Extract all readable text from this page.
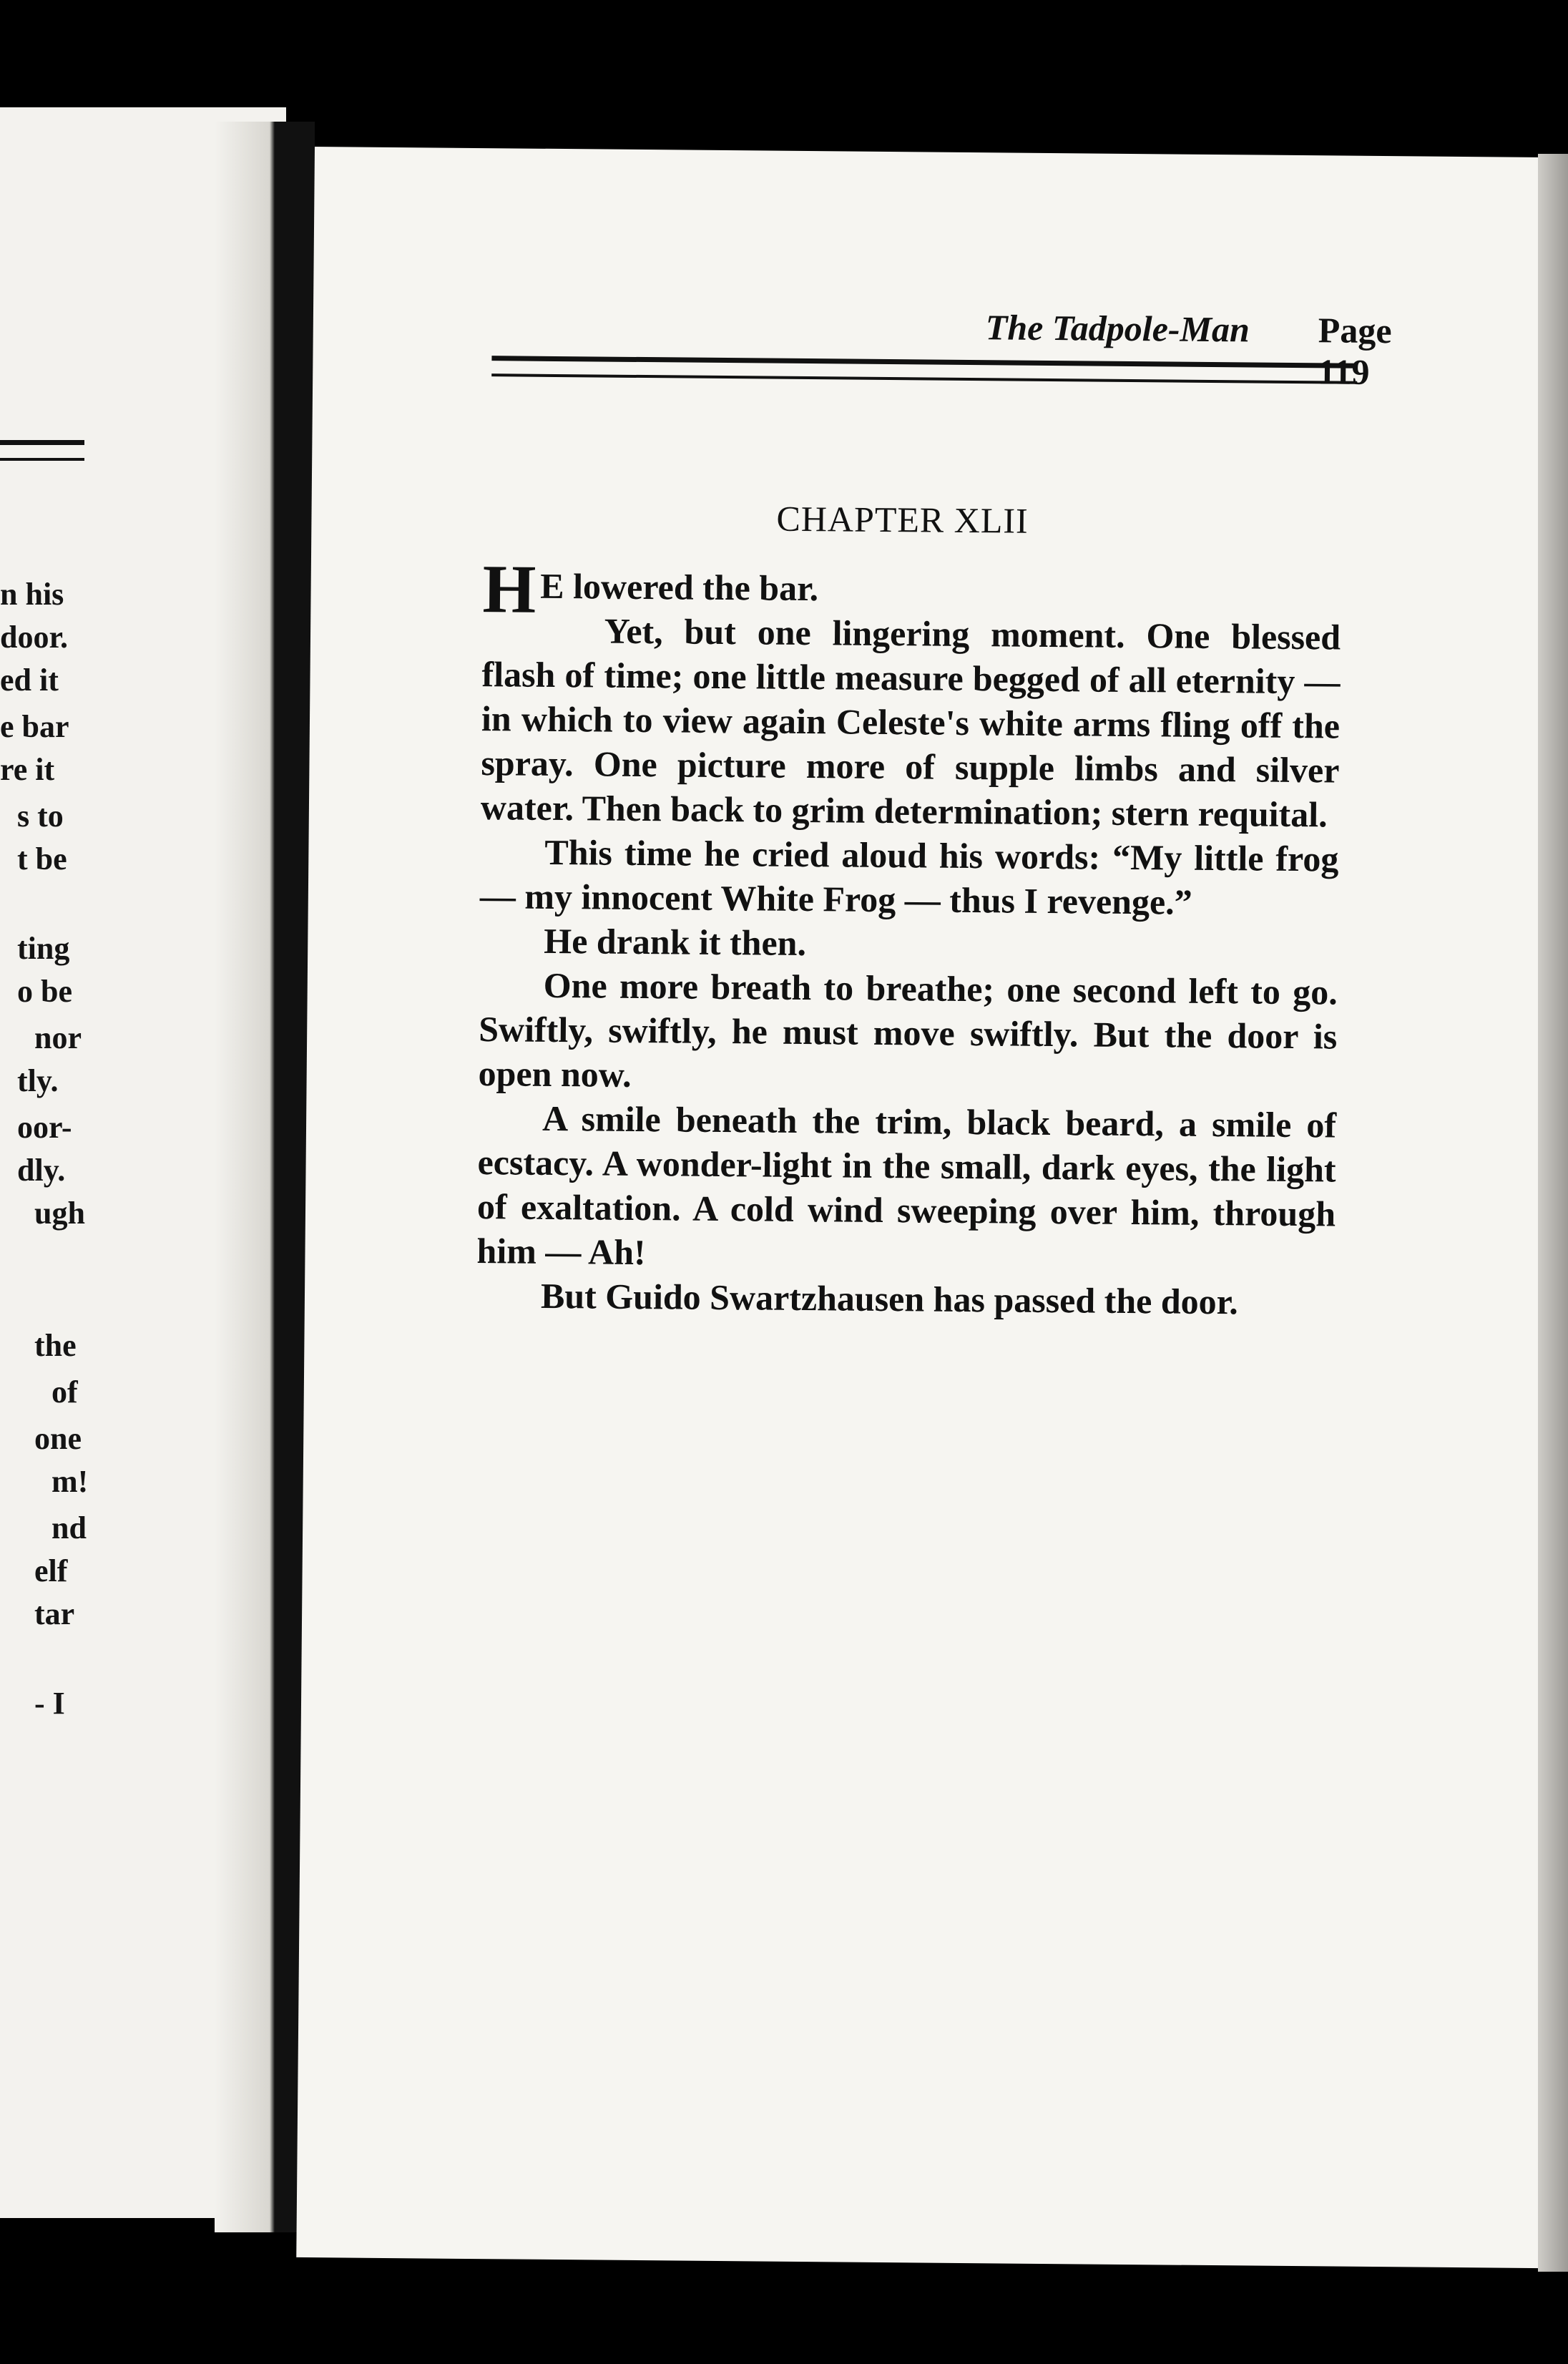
n his
door.
ed it
e bar
re it
s to
t be
ting
o be
nor
tly.
oor-
dly.
ugh
the
of
one
m!
nd
elf
tar
- I
The Tadpole-Man Page 119
CHAPTER XLII

H E lowered the bar.

Yet, but one lingering moment. One blessed flash of time; one little measure begged of all eternity — in which to view again Celeste's white arms fling off the spray. One picture more of supple limbs and silver water. Then back to grim determination; stern requital.

This time he cried aloud his words: “My little frog — my innocent White Frog — thus I revenge.”

He drank it then.

One more breath to breathe; one second left to go. Swiftly, swiftly, he must move swiftly. But the door is open now.

A smile beneath the trim, black beard, a smile of ecstacy. A wonder-light in the small, dark eyes, the light of exaltation. A cold wind sweeping over him, through him — Ah!

But Guido Swartzhausen has passed the door.
